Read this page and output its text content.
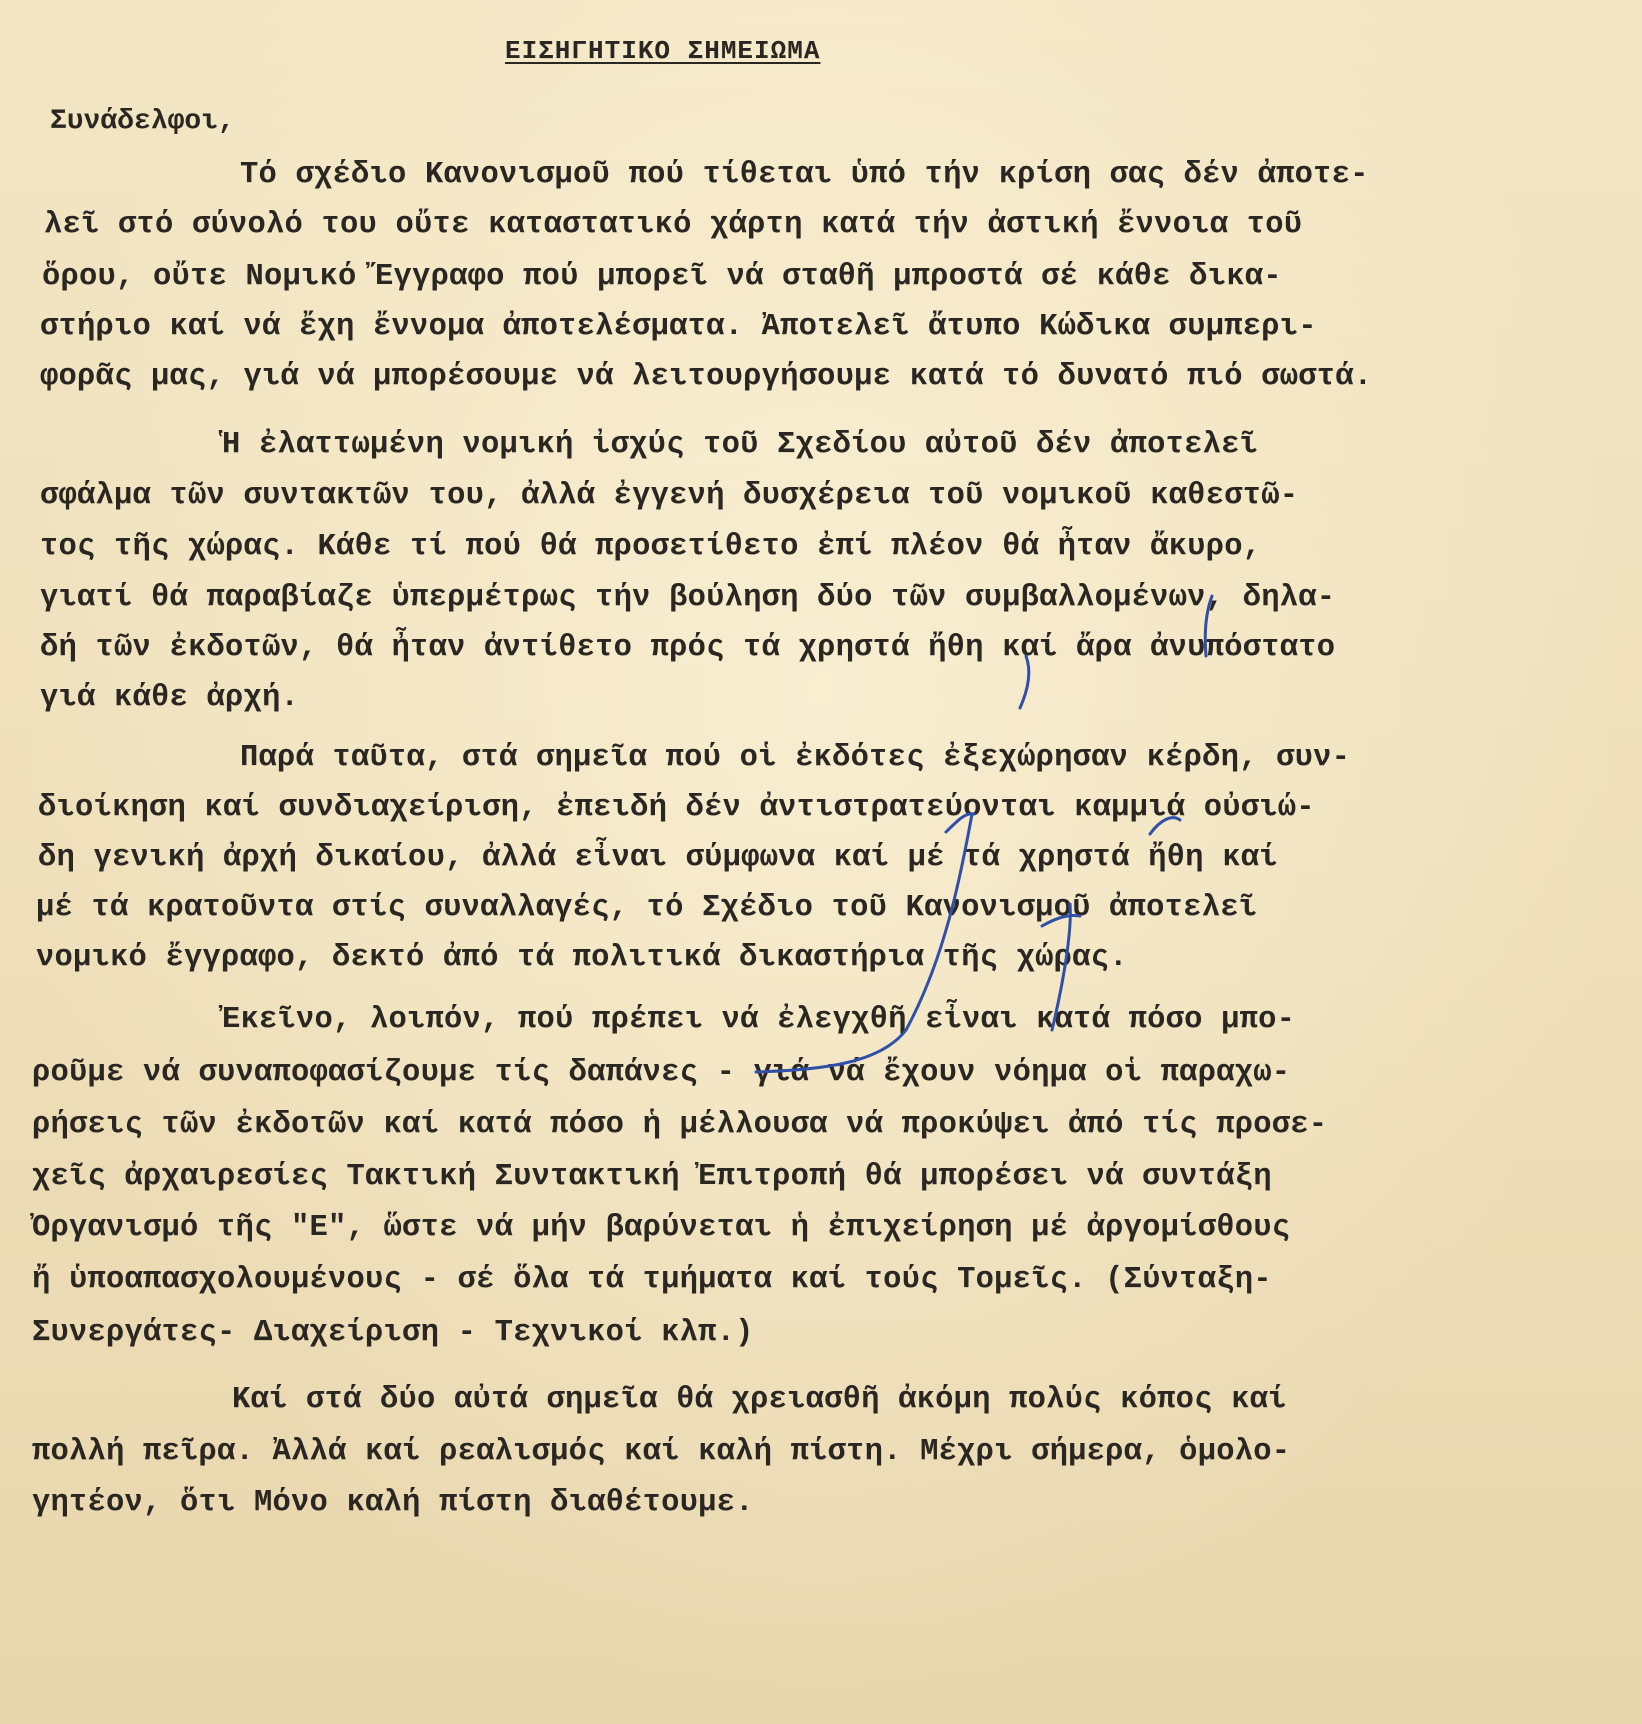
ΕΙΣΗΓΗΤΙΚΟ ΣΗΜΕΙΩΜΑ
Συνάδελφοι,
Τό σχέδιο Κανονισμοῦ πού τίθεται ὑπό τήν κρίση σας δέν ἀποτε-
λεῖ στό σύνολό του οὔτε καταστατικό χάρτη κατά τήν ἀστική ἔννοια τοῦ
ὅρου, οὔτε Νομικό Ἔγγραφο πού μπορεῖ νά σταθῆ μπροστά σέ κάθε δικα-
στήριο καί νά ἔχη ἔννομα ἀποτελέσματα. Ἀποτελεῖ ἄτυπο Κώδικα συμπερι-
φορᾶς μας, γιά νά μπορέσουμε νά λειτουργήσουμε κατά τό δυνατό πιό σωστά.
Ἡ ἐλαττωμένη νομική ἰσχύς τοῦ Σχεδίου αὐτοῦ δέν ἀποτελεῖ
σφάλμα τῶν συντακτῶν του, ἀλλά ἐγγενή δυσχέρεια τοῦ νομικοῦ καθεστῶ-
τος τῆς χώρας. Κάθε τί πού θά προσετίθετο ἐπί πλέον θά ἦταν ἄκυρο,
γιατί θά παραβίαζε ὑπερμέτρως τήν βούληση δύο τῶν συμβαλλομένων, δηλα-
δή τῶν ἐκδοτῶν, θά ἦταν ἀντίθετο πρός τά χρηστά ἤθη καί ἄρα ἀνυπόστατο
γιά κάθε ἀρχή.
Παρά ταῦτα, στά σημεῖα πού οἱ ἐκδότες ἐξεχώρησαν κέρδη, συν-
διοίκηση καί συνδιαχείριση, ἐπειδή δέν ἀντιστρατεύονται καμμιά οὐσιώ-
δη γενική ἀρχή δικαίου, ἀλλά εἶναι σύμφωνα καί μέ τά χρηστά ἤθη καί
μέ τά κρατοῦντα στίς συναλλαγές, τό Σχέδιο τοῦ Κανονισμοῦ ἀποτελεῖ
νομικό ἔγγραφο, δεκτό ἀπό τά πολιτικά δικαστήρια τῆς χώρας.
Ἐκεῖνο, λοιπόν, πού πρέπει νά ἐλεγχθῆ εἶναι κατά πόσο μπο-
ροῦμε νά συναποφασίζουμε τίς δαπάνες - γιά νά ἔχουν νόημα οἱ παραχω-
ρήσεις τῶν ἐκδοτῶν καί κατά πόσο ἡ μέλλουσα νά προκύψει ἀπό τίς προσε-
χεῖς ἀρχαιρεσίες Τακτική Συντακτική Ἐπιτροπή θά μπορέσει νά συντάξη
Ὀργανισμό τῆς "Ε", ὥστε νά μήν βαρύνεται ἡ ἐπιχείρηση μέ ἀργομίσθους
ἤ ὑποαπασχολουμένους - σέ ὅλα τά τμήματα καί τούς Τομεῖς. (Σύνταξη-
Συνεργάτες- Διαχείριση - Τεχνικοί κλπ.)
Καί στά δύο αὐτά σημεῖα θά χρειασθῆ ἀκόμη πολύς κόπος καί
πολλή πεῖρα. Ἀλλά καί ρεαλισμός καί καλή πίστη. Μέχρι σήμερα, ὁμολο-
γητέον, ὅτι Μόνο καλή πίστη διαθέτουμε.
